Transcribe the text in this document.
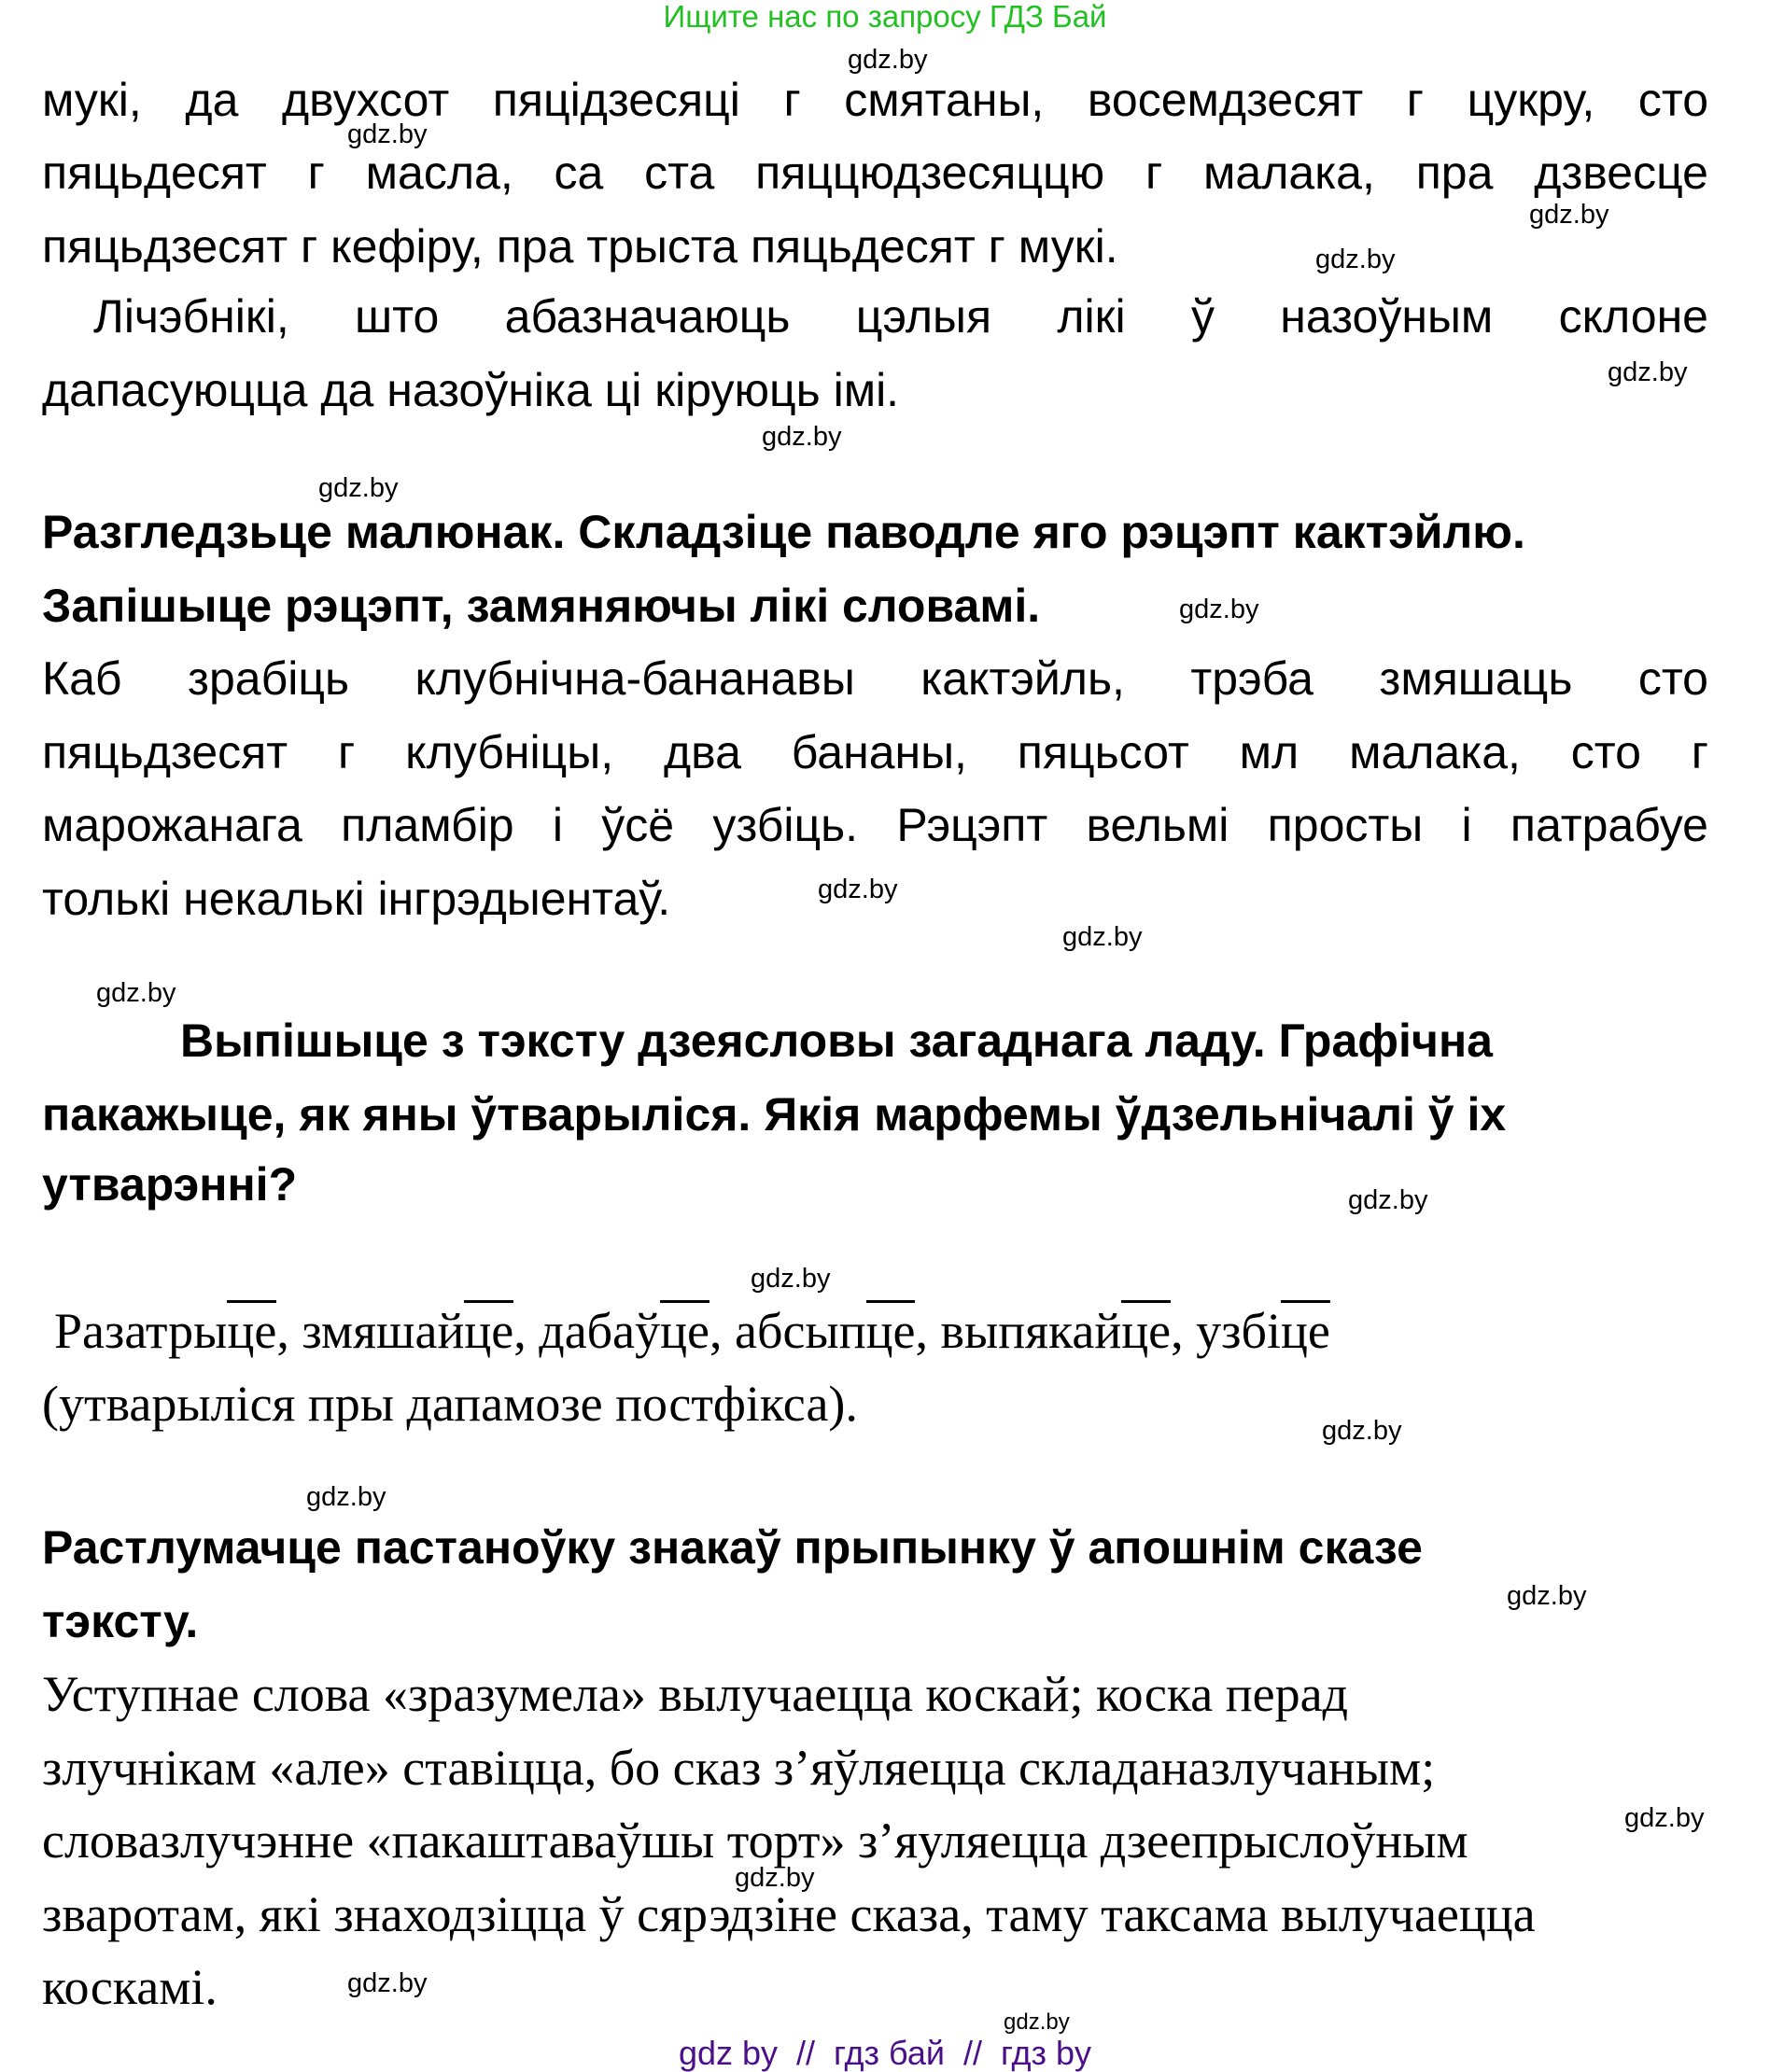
Ищите нас по запросу ГДЗ Бай
мукі, да двухсот пяцідзесяці г смятаны, восемдзесят г цукру, сто
пяцьдесят г масла, са ста пяццюдзесяццю г малака, пра дзвесце
пяцьдзесят г кефіру, пра трыста пяцьдесят г мукі.
Лічэбнікі, што абазначаюць цэлыя лікі ў назоўным склоне
дапасуюцца да назоўніка ці кіруюць імі.
Разгледзьце малюнак. Складзіце паводле яго рэцэпт кактэйлю.
Запішыце рэцэпт, замяняючы лікі словамі.
Каб зрабіць клубнічна-бананавы кактэйль, трэба змяшаць сто
пяцьдзесят г клубніцы, два бананы, пяцьсот мл малака, сто г
марожанага пламбір і ўсё узбіць. Рэцэпт вельмі просты і патрабуе
толькі некалькі інгрэдыентаў.
Выпішыце з тэксту дзеясловы загаднага ладу. Графічна
пакажыце, як яны ўтварыліся. Якія марфемы ўдзельнічалі ў іх
утварэнні?
Разатрыце, змяшайце, дабаўце, абсыпце, выпякайце, узбіце
(утварыліся пры дапамозе постфікса).
Растлумачце пастаноўку знакаў прыпынку ў апошнім сказе
тэксту.
Уступнае слова «зразумела» вылучаецца коскай; коска перад
злучнікам «але» ставіцца, бо сказ з’яўляецца складаназлучаным;
словазлучэнне «пакаштаваўшы торт» з’яуляецца дзеепрыслоўным
зваротам, які знаходзіцца ў сярэдзіне сказа, таму таксама вылучаецца
коскамі.
gdz.by
gdz.by
gdz.by
gdz.by
gdz.by
gdz.by
gdz.by
gdz.by
gdz.by
gdz.by
gdz.by
gdz.by
gdz.by
gdz.by
gdz.by
gdz.by
gdz.by
gdz.by
gdz.by
gdz.by
gdz by  //  гдз бай  //  гдз by
